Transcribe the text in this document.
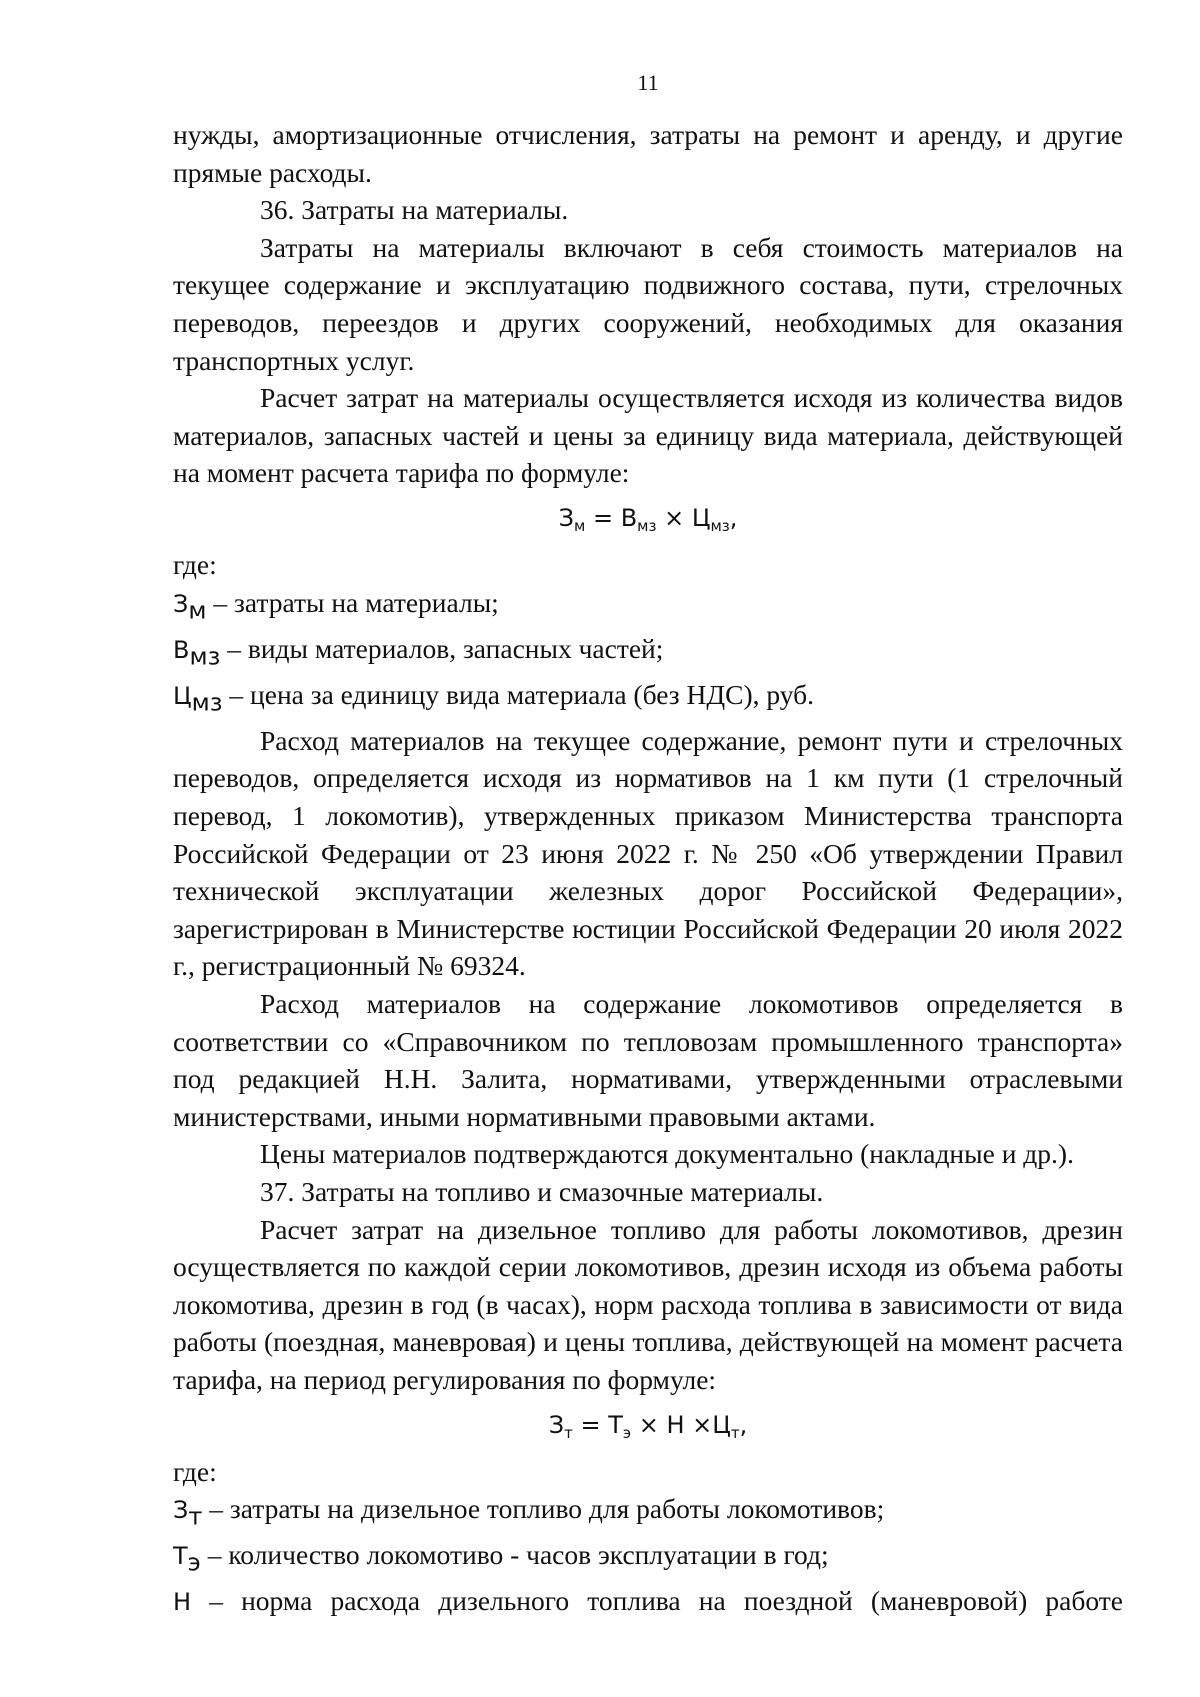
11

нужды, амортизационные отчисления, затраты на ремонт и аренду, и другие прямые расходы.

36. Затраты на материалы.

Затраты на материалы включают в себя стоимость материалов на текущее содержание и эксплуатацию подвижного состава, пути, стрелочных переводов, переездов и других сооружений, необходимых для оказания транспортных услуг.

Расчет затрат на материалы осуществляется исходя из количества видов материалов, запасных частей и цены за единицу вида материала, действующей на момент расчета тарифа по формуле:

$З_м = В_{мз} \times Ц_{мз}$,

где:

$З_м$ – затраты на материалы;

$В_{мз}$ – виды материалов, запасных частей;

$Ц_{мз}$ – цена за единицу вида материала (без НДС), руб.

Расход материалов на текущее содержание, ремонт пути и стрелочных переводов, определяется исходя из нормативов на 1 км пути (1 стрелочный перевод, 1 локомотив), утвержденных приказом Министерства транспорта Российской Федерации от 23 июня 2022 г. № 250 «Об утверждении Правил технической эксплуатации железных дорог Российской Федерации», зарегистрирован в Министерстве юстиции Российской Федерации 20 июля 2022 г., регистрационный № 69324.

Расход материалов на содержание локомотивов определяется в соответствии со «Справочником по тепловозам промышленного транспорта» под редакцией Н.Н. Залита, нормативами, утвержденными отраслевыми министерствами, иными нормативными правовыми актами.

Цены материалов подтверждаются документально (накладные и др.).

37. Затраты на топливо и смазочные материалы.

Расчет затрат на дизельное топливо для работы локомотивов, дрезин осуществляется по каждой серии локомотивов, дрезин исходя из объема работы локомотива, дрезин в год (в часах), норм расхода топлива в зависимости от вида работы (поездная, маневровая) и цены топлива, действующей на момент расчета тарифа, на период регулирования по формуле:

$З_т = Т_э \times Н \times Ц_т$,

где:

$З_т$ – затраты на дизельное топливо для работы локомотивов;

$Т_э$ – количество локомотиво - часов эксплуатации в год;

Н – норма расхода дизельного топлива на поездной (маневровой) работе
